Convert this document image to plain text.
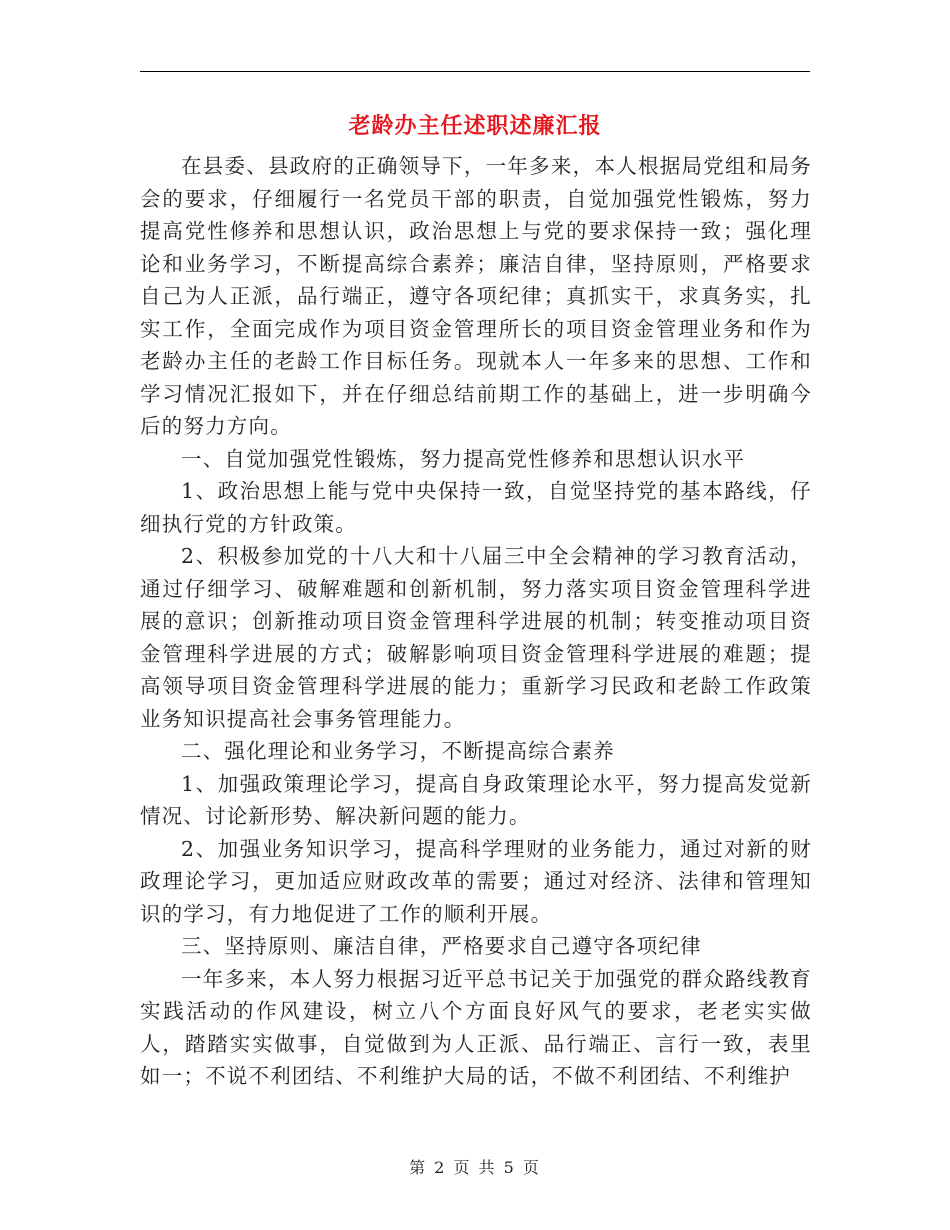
老龄办主任述职述廉汇报

在县委、县政府的正确领导下，一年多来，本人根据局党组和局务会的要求，仔细履行一名党员干部的职责，自觉加强党性锻炼，努力提高党性修养和思想认识，政治思想上与党的要求保持一致；强化理论和业务学习，不断提高综合素养；廉洁自律，坚持原则，严格要求自己为人正派，品行端正，遵守各项纪律；真抓实干，求真务实，扎实工作，全面完成作为项目资金管理所长的项目资金管理业务和作为老龄办主任的老龄工作目标任务。现就本人一年多来的思想、工作和学习情况汇报如下，并在仔细总结前期工作的基础上，进一步明确今后的努力方向。

一、自觉加强党性锻炼，努力提高党性修养和思想认识水平

1、政治思想上能与党中央保持一致，自觉坚持党的基本路线，仔细执行党的方针政策。

2、积极参加党的十八大和十八届三中全会精神的学习教育活动，通过仔细学习、破解难题和创新机制，努力落实项目资金管理科学进展的意识；创新推动项目资金管理科学进展的机制；转变推动项目资金管理科学进展的方式；破解影响项目资金管理科学进展的难题；提高领导项目资金管理科学进展的能力；重新学习民政和老龄工作政策业务知识提高社会事务管理能力。

二、强化理论和业务学习，不断提高综合素养

1、加强政策理论学习，提高自身政策理论水平，努力提高发觉新情况、讨论新形势、解决新问题的能力。

2、加强业务知识学习，提高科学理财的业务能力，通过对新的财政理论学习，更加适应财政改革的需要；通过对经济、法律和管理知识的学习，有力地促进了工作的顺利开展。

三、坚持原则、廉洁自律，严格要求自己遵守各项纪律

一年多来，本人努力根据习近平总书记关于加强党的群众路线教育实践活动的作风建设，树立八个方面良好风气的要求，老老实实做人，踏踏实实做事，自觉做到为人正派、品行端正、言行一致，表里如一；不说不利团结、不利维护大局的话，不做不利团结、不利维护

第 2 页 共 5 页
